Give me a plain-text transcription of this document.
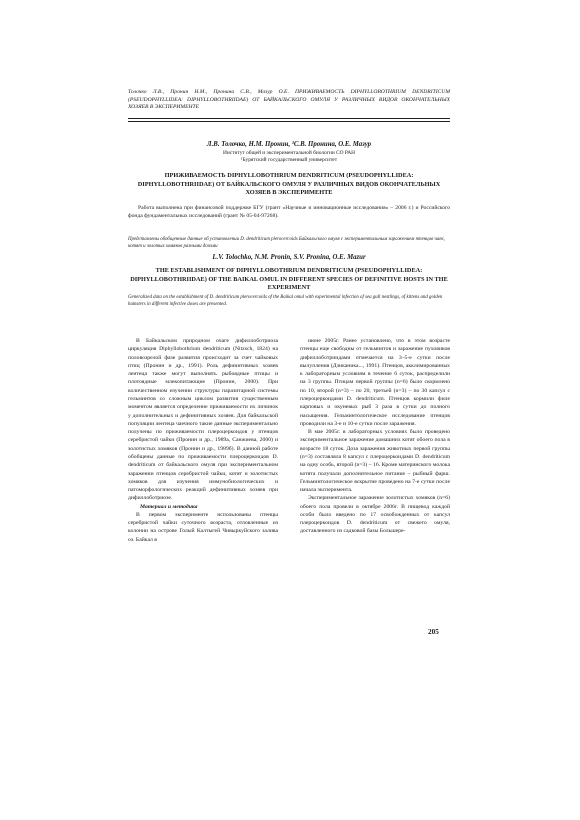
Толочко Л.В., Пронин Н.М., Пронина С.В., Мазур О.Е. ПРИЖИВАЕМОСТЬ DIPHYLLOBOTHRIUM DENDRITICUM (PSEUDOPHYLLIDEA: DIPHYLLOBOTHRIIDAE) ОТ БАЙКАЛЬСКОГО ОМУЛЯ У РАЗЛИЧНЫХ ВИДОВ ОКОНЧАТЕЛЬНЫХ ХОЗЯЕВ В ЭКСПЕРИМЕНТЕ
Л.В. Толочко, Н.М. Пронин, ¹С.В. Пронина, О.Е. Мазур
Институт общей и экспериментальной биологии СО РАН
¹Бурятский государственный университет
ПРИЖИВАЕМОСТЬ DIPHYLLOBOTHRIUM DENDRITICUM (PSEUDOPHYLLIDEA: DIPHYLLOBOTHRIIDAE) ОТ БАЙКАЛЬСКОГО ОМУЛЯ У РАЗЛИЧНЫХ ВИДОВ ОКОНЧАТЕЛЬНЫХ ХОЗЯЕВ В ЭКСПЕРИМЕНТЕ
Работа выполнена при финансовой поддержке БГУ (грант «Научные и инновационные исследования» – 2006 г.) и Российского фонда фундаментальных исследований (грант № 05-04-97268).
Представлены обобщенные данные об установлении D. dendriticum plerocercoids Байкальского омуля с экспериментальным заражением птенцов чаек, котят и золотых хомяков разными дозами
L.V. Tolochko, N.M. Pronin, S.V. Pronina, O.E. Mazur
THE ESTABLISHMENT OF DIPHYLLOBOTHRIUM DENDRITICUM (PSEUDOPHYLLIDEA: DIPHYLLOBOTHRIIDAE) OF THE BAIKAL OMUL IN DIFFERENT SPECIES OF DEFINITIVE HOSTS IN THE EXPERIMENT
Generalized data on the establishment of D. dendriticum plerocercoids of the Baikal omul with experimental infection of sea gull nestlings, of kittens and golden hamsters in different infective doses are presented.

В Байкальском природном очаге дифиллоботриоза циркуляция Diphyllobothrium dendriticum (Nitzsch, 1824) на половозрелой фазе развития происходит за счет чайковых птиц (Пронин и др., 1991). Роль дефинитивных хозяев лентеца также могут выполнять рыбоядные птицы и плотоядные млекопитающие (Пронин, 2000). При количественном изучении структуры паразитарной системы гельминтов со сложным циклом развития существенным моментом является определение приживаемости их личинок у дополнительных и дефинитивных хозяев. Для байкальской популяции лентеца чаечного такие данные экспериментально получены по приживаемости плероцеркоидов у птенцов серебристой чайки (Пронин и др., 1989а, Санжиева, 2000) и золотистых хомяков (Пронин и др., 1989б). В данной работе обобщены данные по приживаемости плероцеркоидов D. dendriticum от байкальского омуля при экспериментальном заражении птенцов серебристой чайки, котят и золотистых хомяков для изучения иммунобиологических и патоморфологических реакций дефинитивных хозяев при дифиллоботриозе.

Материал и методика

В первом эксперименте использованы птенцы серебристой чайки суточного возраста, отловленные из колонии на острове Голый Калтыгей Чивыркуйского залива оз. Байкал в

июне 2005г. Ранее установлено, что в этом возрасте птенцы еще свободны от гельминтов и заражение пуховиков дифиллоботриидами отмечается на 3–5-е сутки после вылупления (Дзиканика..., 1991). Птенцов, акклимированных к лабораторным условиям в течение 6 суток, распределили на 3 группы. Птицам первой группы (n=6) было скормлено по 10, второй (n=3) – по 20, третьей (n=3) – по 30 капсул с плероцеркоидами D. dendriticum. Птенцов кормили филе карповых и окуневых рыб 3 раза в сутки до полного насыщения. Гельминтологическое исследование птенцов проводили на 3-е и 10-е сутки после заражения.

В мае 2005г. в лабораторных условиях было проведено экспериментальное заражение домашних котят обоего пола в возрасте 18 суток. Доза заражения животных первой группы (n=3) составляла 8 капсул с плероцеркоидами D. dendriticum на одну особь, второй (n=3) – 16. Кроме материнского молока котята получали дополнительное питание – рыбный фарш. Гельминтологическое вскрытие проведено на 7-е сутки после начала эксперимента.

Экспериментальное заражение золотистых хомяков (n=6) обоего пола провели в октябре 2006г. В пищевод каждой особи было введено по 17 освобожденных от капсул плероцеркоидов D. dendriticum от свежего омуля, доставленного из садковой базы Большере-

205
